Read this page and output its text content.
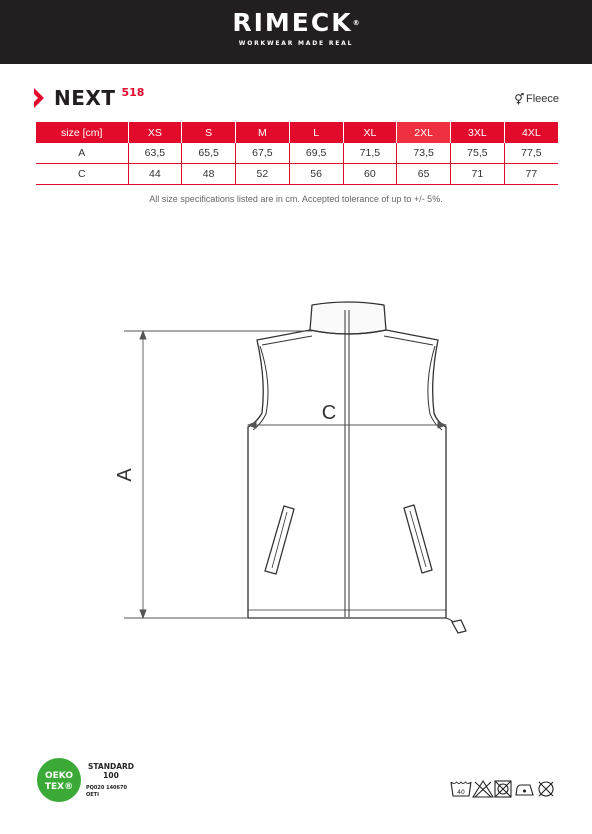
RIMECK®
WORKWEAR MADE REAL
NEXT 518	Fleece
size [cm]	XS	S	M	L	XL	2XL	3XL	4XL
A	63,5	65,5	67,5	69,5	71,5	73,5	75,5	77,5
C	44	48	52	56	60	65	71	77
All size specifications listed are in cm. Accepted tolerance of up to +/- 5%.
A
C
OEKO
TEX®
STANDARD
100
PQ020 140670
OETI	40
